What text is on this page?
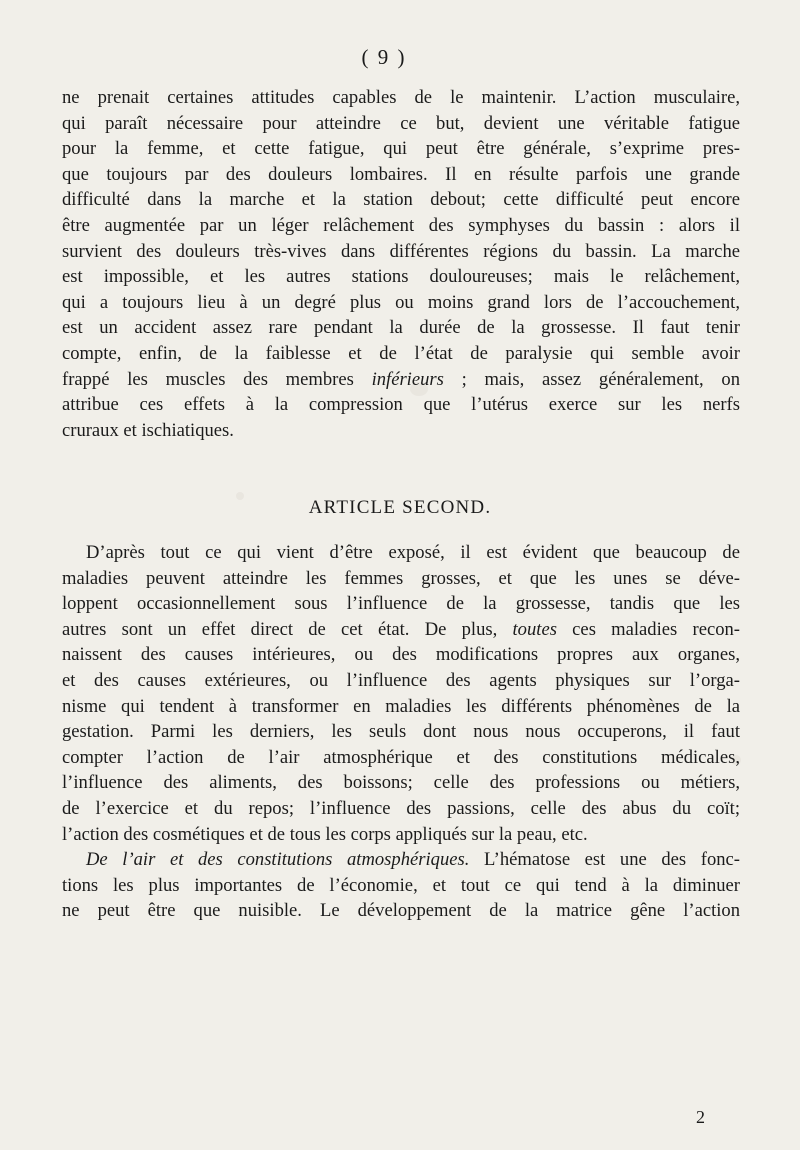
( 9 )
ne prenait certaines attitudes capables de le maintenir. L’action musculaire,
qui paraît nécessaire pour atteindre ce but, devient une véritable fatigue
pour la femme, et cette fatigue, qui peut être générale, s’exprime pres-
que toujours par des douleurs lombaires. Il en résulte parfois une grande
difficulté dans la marche et la station debout; cette difficulté peut encore
être augmentée par un léger relâchement des symphyses du bassin : alors il
survient des douleurs très-vives dans différentes régions du bassin. La marche
est impossible, et les autres stations douloureuses; mais le relâchement,
qui a toujours lieu à un degré plus ou moins grand lors de l’accouchement,
est un accident assez rare pendant la durée de la grossesse. Il faut tenir
compte, enfin, de la faiblesse et de l’état de paralysie qui semble avoir
frappé les muscles des membres inférieurs ; mais, assez généralement, on
attribue ces effets à la compression que l’utérus exerce sur les nerfs
cruraux et ischiatiques.
ARTICLE SECOND.
D’après tout ce qui vient d’être exposé, il est évident que beaucoup de
maladies peuvent atteindre les femmes grosses, et que les unes se déve-
loppent occasionnellement sous l’influence de la grossesse, tandis que les
autres sont un effet direct de cet état. De plus, toutes ces maladies recon-
naissent des causes intérieures, ou des modifications propres aux organes,
et des causes extérieures, ou l’influence des agents physiques sur l’orga-
nisme qui tendent à transformer en maladies les différents phénomènes de la
gestation. Parmi les derniers, les seuls dont nous nous occuperons, il faut
compter l’action de l’air atmosphérique et des constitutions médicales,
l’influence des aliments, des boissons; celle des professions ou métiers,
de l’exercice et du repos; l’influence des passions, celle des abus du coït;
l’action des cosmétiques et de tous les corps appliqués sur la peau, etc.
De l’air et des constitutions atmosphériques. L’hématose est une des fonc-
tions les plus importantes de l’économie, et tout ce qui tend à la diminuer
ne peut être que nuisible. Le développement de la matrice gêne l’action
2
